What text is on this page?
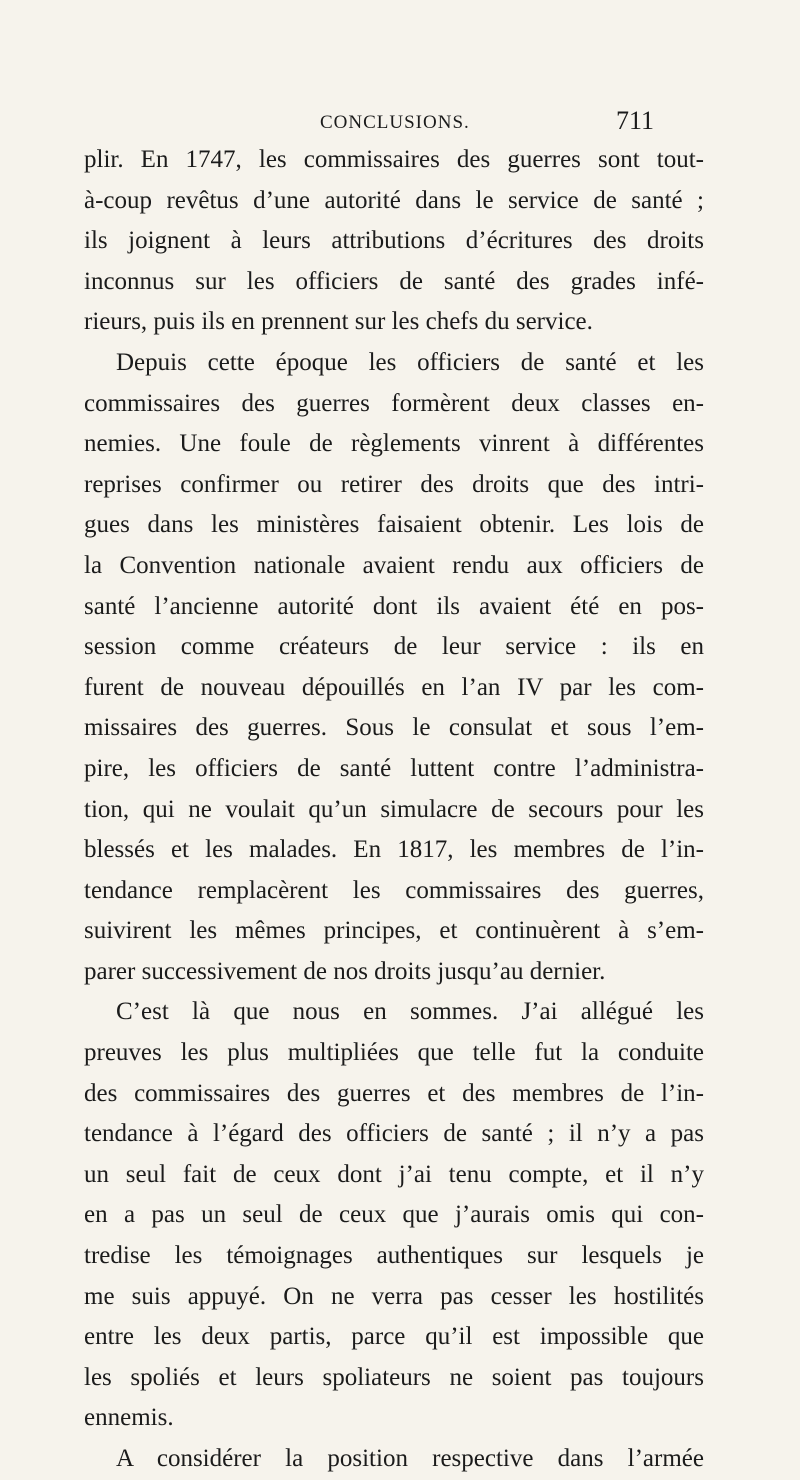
CONCLUSIONS.	711
plir. En 1747, les commissaires des guerres sont tout-
à-coup revêtus d’une autorité dans le service de santé ;
ils joignent à leurs attributions d’écritures des droits
inconnus sur les officiers de santé des grades infé-
rieurs, puis ils en prennent sur les chefs du service.
Depuis cette époque les officiers de santé et les
commissaires des guerres formèrent deux classes en-
nemies. Une foule de règlements vinrent à différentes
reprises confirmer ou retirer des droits que des intri-
gues dans les ministères faisaient obtenir. Les lois de
la Convention nationale avaient rendu aux officiers de
santé l’ancienne autorité dont ils avaient été en pos-
session comme créateurs de leur service : ils en
furent de nouveau dépouillés en l’an IV par les com-
missaires des guerres. Sous le consulat et sous l’em-
pire, les officiers de santé luttent contre l’administra-
tion, qui ne voulait qu’un simulacre de secours pour les
blessés et les malades. En 1817, les membres de l’in-
tendance remplacèrent les commissaires des guerres,
suivirent les mêmes principes, et continuèrent à s’em-
parer successivement de nos droits jusqu’au dernier.
C’est là que nous en sommes. J’ai allégué les
preuves les plus multipliées que telle fut la conduite
des commissaires des guerres et des membres de l’in-
tendance à l’égard des officiers de santé ; il n’y a pas
un seul fait de ceux dont j’ai tenu compte, et il n’y
en a pas un seul de ceux que j’aurais omis qui con-
tredise les témoignages authentiques sur lesquels je
me suis appuyé. On ne verra pas cesser les hostilités
entre les deux partis, parce qu’il est impossible que
les spoliés et leurs spoliateurs ne soient pas toujours
ennemis.
A considérer la position respective dans l’armée
